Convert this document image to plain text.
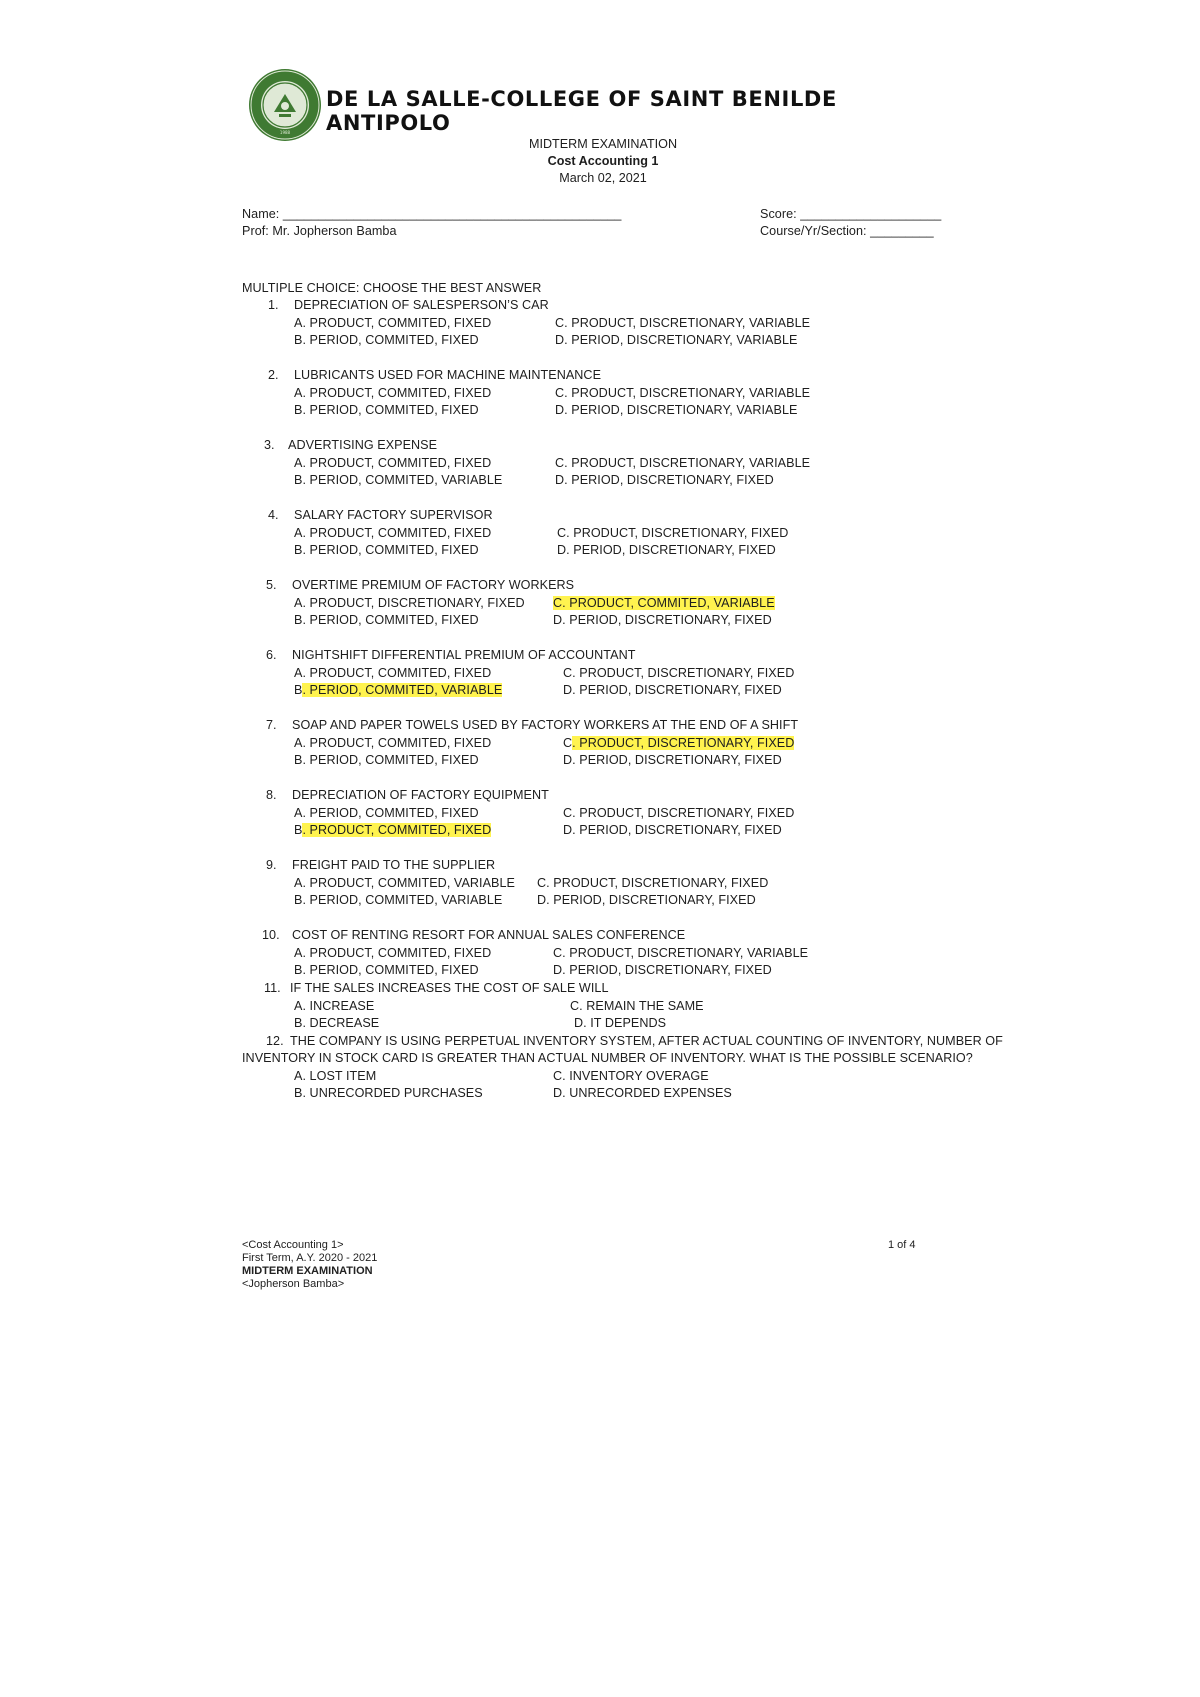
1988
DE LA SALLE-COLLEGE OF SAINT BENILDE ANTIPOLO
MIDTERM EXAMINATION
Cost Accounting 1
March 02, 2021
Name: ________________________________________________	Score: ____________________
Prof: Mr. Jopherson Bamba	Course/Yr/Section: _________
MULTIPLE CHOICE: CHOOSE THE BEST ANSWER
1. DEPRECIATION OF SALESPERSON’S CAR
A. PRODUCT, COMMITED, FIXED	C. PRODUCT, DISCRETIONARY, VARIABLE
B. PERIOD, COMMITED, FIXED	D. PERIOD, DISCRETIONARY, VARIABLE
2. LUBRICANTS USED FOR MACHINE MAINTENANCE
A. PRODUCT, COMMITED, FIXED	C. PRODUCT, DISCRETIONARY, VARIABLE
B. PERIOD, COMMITED, FIXED	D. PERIOD, DISCRETIONARY, VARIABLE
3. ADVERTISING EXPENSE
A. PRODUCT, COMMITED, FIXED	C. PRODUCT, DISCRETIONARY, VARIABLE
B. PERIOD, COMMITED, VARIABLE	D. PERIOD, DISCRETIONARY, FIXED
4. SALARY FACTORY SUPERVISOR
A. PRODUCT, COMMITED, FIXED	C. PRODUCT, DISCRETIONARY, FIXED
B. PERIOD, COMMITED, FIXED	D. PERIOD, DISCRETIONARY, FIXED
5. OVERTIME PREMIUM OF FACTORY WORKERS
A. PRODUCT, DISCRETIONARY, FIXED C. PRODUCT, COMMITED, VARIABLE
B. PERIOD, COMMITED, FIXED	D. PERIOD, DISCRETIONARY, FIXED
6. NIGHTSHIFT DIFFERENTIAL PREMIUM OF ACCOUNTANT
A. PRODUCT, COMMITED, FIXED	C. PRODUCT, DISCRETIONARY, FIXED
B. PERIOD, COMMITED, VARIABLE	D. PERIOD, DISCRETIONARY, FIXED
7. SOAP AND PAPER TOWELS USED BY FACTORY WORKERS AT THE END OF A SHIFT
A. PRODUCT, COMMITED, FIXED	C. PRODUCT, DISCRETIONARY, FIXED
B. PERIOD, COMMITED, FIXED	D. PERIOD, DISCRETIONARY, FIXED
8. DEPRECIATION OF FACTORY EQUIPMENT
A. PERIOD, COMMITED, FIXED	C. PRODUCT, DISCRETIONARY, FIXED
B. PRODUCT, COMMITED, FIXED	D. PERIOD, DISCRETIONARY, FIXED
9. FREIGHT PAID TO THE SUPPLIER
A. PRODUCT, COMMITED, VARIABLE C. PRODUCT, DISCRETIONARY, FIXED
B. PERIOD, COMMITED, VARIABLE	D. PERIOD, DISCRETIONARY, FIXED
10. COST OF RENTING RESORT FOR ANNUAL SALES CONFERENCE
A. PRODUCT, COMMITED, FIXED	C. PRODUCT, DISCRETIONARY, VARIABLE
B. PERIOD, COMMITED, FIXED	D. PERIOD, DISCRETIONARY, FIXED
11. IF THE SALES INCREASES THE COST OF SALE WILL
A. INCREASE	C. REMAIN THE SAME
B. DECREASE	D. IT DEPENDS
12. THE COMPANY IS USING PERPETUAL INVENTORY SYSTEM, AFTER ACTUAL COUNTING OF INVENTORY, NUMBER OF
INVENTORY IN STOCK CARD IS GREATER THAN ACTUAL NUMBER OF INVENTORY. WHAT IS THE POSSIBLE SCENARIO?
A. LOST ITEM	C. INVENTORY OVERAGE
B. UNRECORDED PURCHASES	D. UNRECORDED EXPENSES
<Cost Accounting 1>
First Term, A.Y. 2020 - 2021
MIDTERM EXAMINATION
<Jopherson Bamba>
1 of 4
